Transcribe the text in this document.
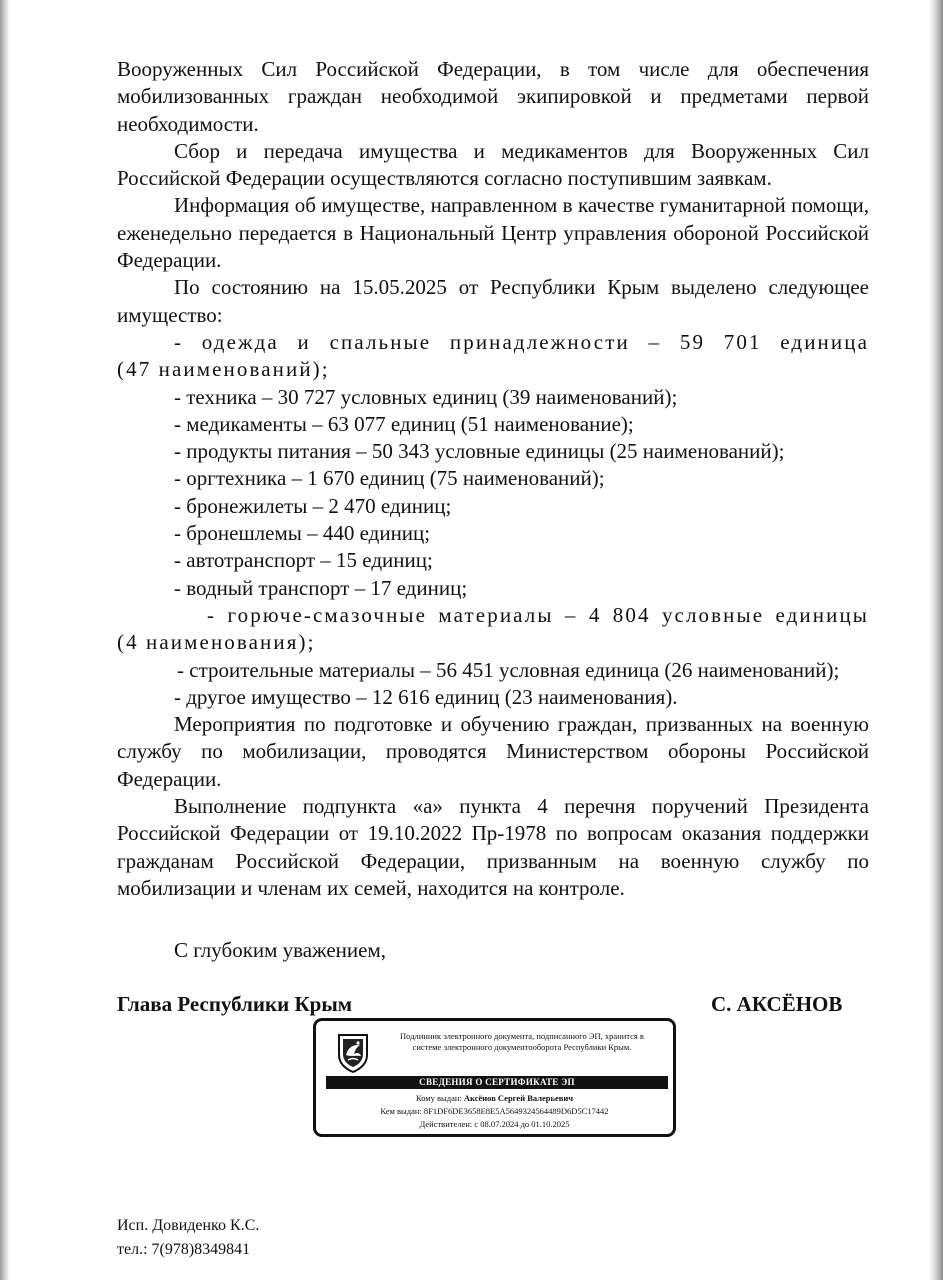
Вооруженных Сил Российской Федерации, в том числе для обеспечения мобилизованных граждан необходимой экипировкой и предметами первой необходимости.

Сбор и передача имущества и медикаментов для Вооруженных Сил Российской Федерации осуществляются согласно поступившим заявкам.

Информация об имуществе, направленном в качестве гуманитарной помощи, еженедельно передается в Национальный Центр управления обороной Российской Федерации.

По состоянию на 15.05.2025 от Республики Крым выделено следующее имущество:

- одежда и спальные принадлежности – 59 701 единица
(47 наименований);

- техника – 30 727 условных единиц (39 наименований);

- медикаменты – 63 077 единиц (51 наименование);

- продукты питания – 50 343 условные единицы (25 наименований);

- оргтехника – 1 670 единиц (75 наименований);

- бронежилеты – 2 470 единиц;

- бронешлемы – 440 единиц;

- автотранспорт – 15 единиц;

- водный транспорт – 17 единиц;

- горюче-смазочные материалы – 4 804 условные единицы
(4 наименования);

- строительные материалы – 56 451 условная единица (26 наименований);

- другое имущество – 12 616 единиц (23 наименования).

Мероприятия по подготовке и обучению граждан, призванных на военную службу по мобилизации, проводятся Министерством обороны Российской Федерации.

Выполнение подпункта «а» пункта 4 перечня поручений Президента Российской Федерации от 19.10.2022 Пр-1978 по вопросам оказания поддержки гражданам Российской Федерации, призванным на военную службу по мобилизации и членам их семей, находится на контроле.

С глубоким уважением,
Глава Республики Крым	С. АКСЁНОВ
Подлинник электронного документа, подписанного ЭП, хранится в
системе электронного документооборота Республики Крым.
СВЕДЕНИЯ О СЕРТИФИКАТЕ ЭП
Кому выдан: Аксёнов Сергей Валерьевич
Кем выдан: 8F1DF6DE3658E8E5A5649324564489D6D5C17442
Действителен: с 08.07.2024 до 01.10.2025
Исп. Довиденко К.С.
тел.: 7(978)8349841
